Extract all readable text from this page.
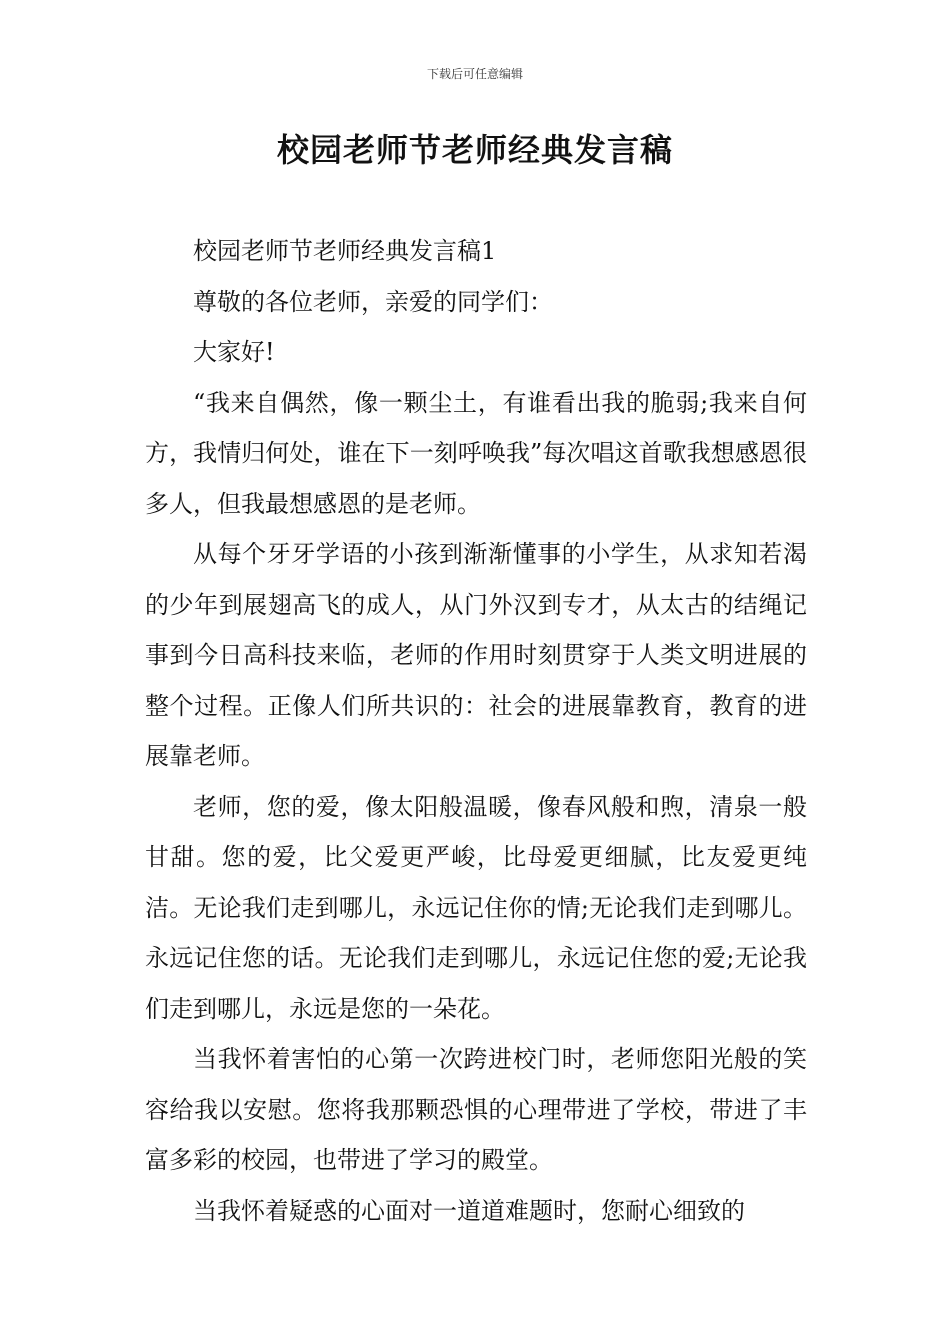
下载后可任意编辑
校园老师节老师经典发言稿

校园老师节老师经典发言稿1

尊敬的各位老师，亲爱的同学们：

大家好!

“我来自偶然，像一颗尘土，有谁看出我的脆弱;我来自何方，我情归何处，谁在下一刻呼唤我”每次唱这首歌我想感恩很多人，但我最想感恩的是老师。

从每个牙牙学语的小孩到渐渐懂事的小学生，从求知若渴的少年到展翅高飞的成人，从门外汉到专才，从太古的结绳记事到今日高科技来临，老师的作用时刻贯穿于人类文明进展的整个过程。正像人们所共识的：社会的进展靠教育，教育的进展靠老师。

老师，您的爱，像太阳般温暖，像春风般和煦，清泉一般甘甜。您的爱，比父爱更严峻，比母爱更细腻，比友爱更纯洁。无论我们走到哪儿，永远记住你的情;无论我们走到哪儿。永远记住您的话。无论我们走到哪儿，永远记住您的爱;无论我们走到哪儿，永远是您的一朵花。

当我怀着害怕的心第一次跨进校门时，老师您阳光般的笑容给我以安慰。您将我那颗恐惧的心理带进了学校，带进了丰富多彩的校园，也带进了学习的殿堂。

当我怀着疑惑的心面对一道道难题时，您耐心细致的
